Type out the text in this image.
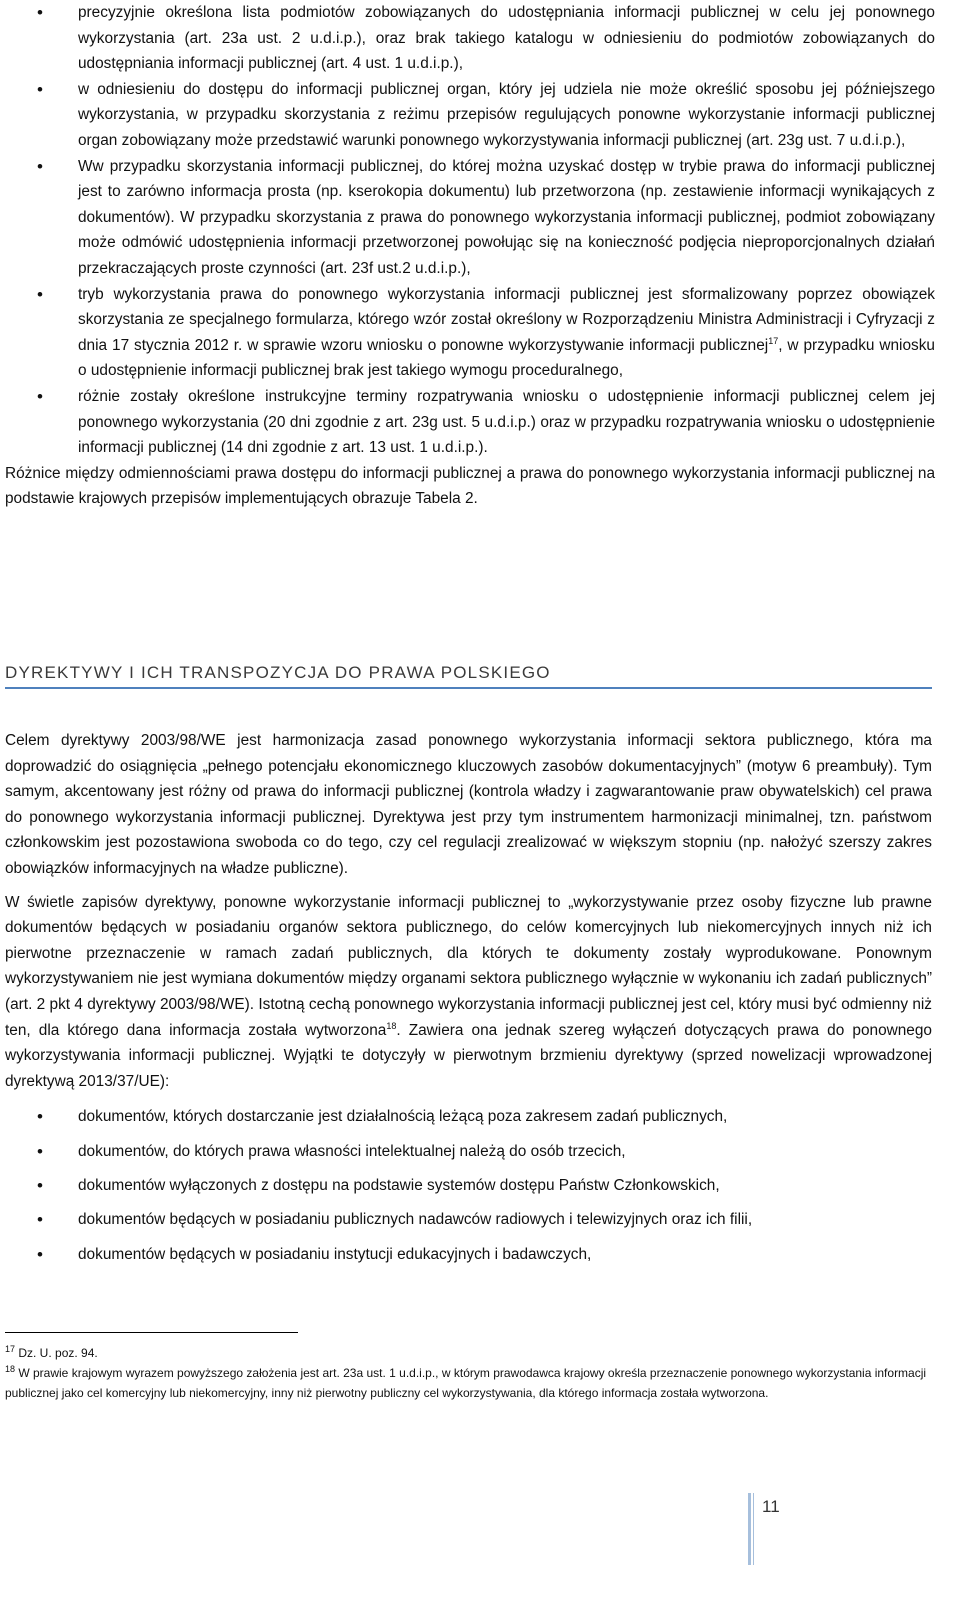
• precyzyjnie określona lista podmiotów zobowiązanych do udostępniania informacji publicznej w celu jej ponownego wykorzystania (art. 23a ust. 2 u.d.i.p.), oraz brak takiego katalogu w odniesieniu do podmiotów zobowiązanych do udostępniania informacji publicznej (art. 4 ust. 1 u.d.i.p.),
• w odniesieniu do dostępu do informacji publicznej organ, który jej udziela nie może określić sposobu jej późniejszego wykorzystania, w przypadku skorzystania z reżimu przepisów regulujących ponowne wykorzystanie informacji publicznej organ zobowiązany może przedstawić warunki ponownego wykorzystywania informacji publicznej (art. 23g ust. 7 u.d.i.p.),
• Ww przypadku skorzystania informacji publicznej, do której można uzyskać dostęp w trybie prawa do informacji publicznej jest to zarówno informacja prosta (np. kserokopia dokumentu) lub przetworzona (np. zestawienie informacji wynikających z dokumentów). W przypadku skorzystania z prawa do ponownego wykorzystania informacji publicznej, podmiot zobowiązany może odmówić udostępnienia informacji przetworzonej powołując się na konieczność podjęcia nieproporcjonalnych działań przekraczających proste czynności (art. 23f ust.2 u.d.i.p.),
• tryb wykorzystania prawa do ponownego wykorzystania informacji publicznej jest sformalizowany poprzez obowiązek skorzystania ze specjalnego formularza, którego wzór został określony w Rozporządzeniu Ministra Administracji i Cyfryzacji z dnia 17 stycznia 2012 r. w sprawie wzoru wniosku o ponowne wykorzystywanie informacji publicznej$^{17}$, w przypadku wniosku o udostępnienie informacji publicznej brak jest takiego wymogu proceduralnego,
• różnie zostały określone instrukcyjne terminy rozpatrywania wniosku o udostępnienie informacji publicznej celem jej ponownego wykorzystania (20 dni zgodnie z art. 23g ust. 5 u.d.i.p.) oraz w przypadku rozpatrywania wniosku o udostępnienie informacji publicznej (14 dni zgodnie z art. 13 ust. 1 u.d.i.p.).

Różnice między odmiennościami prawa dostępu do informacji publicznej a prawa do ponownego wykorzystania informacji publicznej na podstawie krajowych przepisów implementujących obrazuje Tabela 2.

DYREKTYWY I ICH TRANSPOZYCJA DO PRAWA POLSKIEGO

Celem dyrektywy 2003/98/WE jest harmonizacja zasad ponownego wykorzystania informacji sektora publicznego, która ma doprowadzić do osiągnięcia „pełnego potencjału ekonomicznego kluczowych zasobów dokumentacyjnych” (motyw 6 preambuły). Tym samym, akcentowany jest różny od prawa do informacji publicznej (kontrola władzy i zagwarantowanie praw obywatelskich) cel prawa do ponownego wykorzystania informacji publicznej. Dyrektywa jest przy tym instrumentem harmonizacji minimalnej, tzn. państwom członkowskim jest pozostawiona swoboda co do tego, czy cel regulacji zrealizować w większym stopniu (np. nałożyć szerszy zakres obowiązków informacyjnych na władze publiczne).

W świetle zapisów dyrektywy, ponowne wykorzystanie informacji publicznej to „wykorzystywanie przez osoby fizyczne lub prawne dokumentów będących w posiadaniu organów sektora publicznego, do celów komercyjnych lub niekomercyjnych innych niż ich pierwotne przeznaczenie w ramach zadań publicznych, dla których te dokumenty zostały wyprodukowane. Ponownym wykorzystywaniem nie jest wymiana dokumentów między organami sektora publicznego wyłącznie w wykonaniu ich zadań publicznych” (art. 2 pkt 4 dyrektywy 2003/98/WE). Istotną cechą ponownego wykorzystania informacji publicznej jest cel, który musi być odmienny niż ten, dla którego dana informacja została wytworzona$^{18}$. Zawiera ona jednak szereg wyłączeń dotyczących prawa do ponownego wykorzystywania informacji publicznej. Wyjątki te dotyczyły w pierwotnym brzmieniu dyrektywy (sprzed nowelizacji wprowadzonej dyrektywą 2013/37/UE):

• dokumentów, których dostarczanie jest działalnością leżącą poza zakresem zadań publicznych,
• dokumentów, do których prawa własności intelektualnej należą do osób trzecich,
• dokumentów wyłączonych z dostępu na podstawie systemów dostępu Państw Członkowskich,
• dokumentów będących w posiadaniu publicznych nadawców radiowych i telewizyjnych oraz ich filii,
• dokumentów będących w posiadaniu instytucji edukacyjnych i badawczych,

$^{17}$ Dz. U. poz. 94.

$^{18}$ W prawie krajowym wyrazem powyższego założenia jest art. 23a ust. 1 u.d.i.p., w którym prawodawca krajowy określa przeznaczenie ponownego wykorzystania informacji publicznej jako cel komercyjny lub niekomercyjny, inny niż pierwotny publiczny cel wykorzystywania, dla którego informacja została wytworzona.

11
